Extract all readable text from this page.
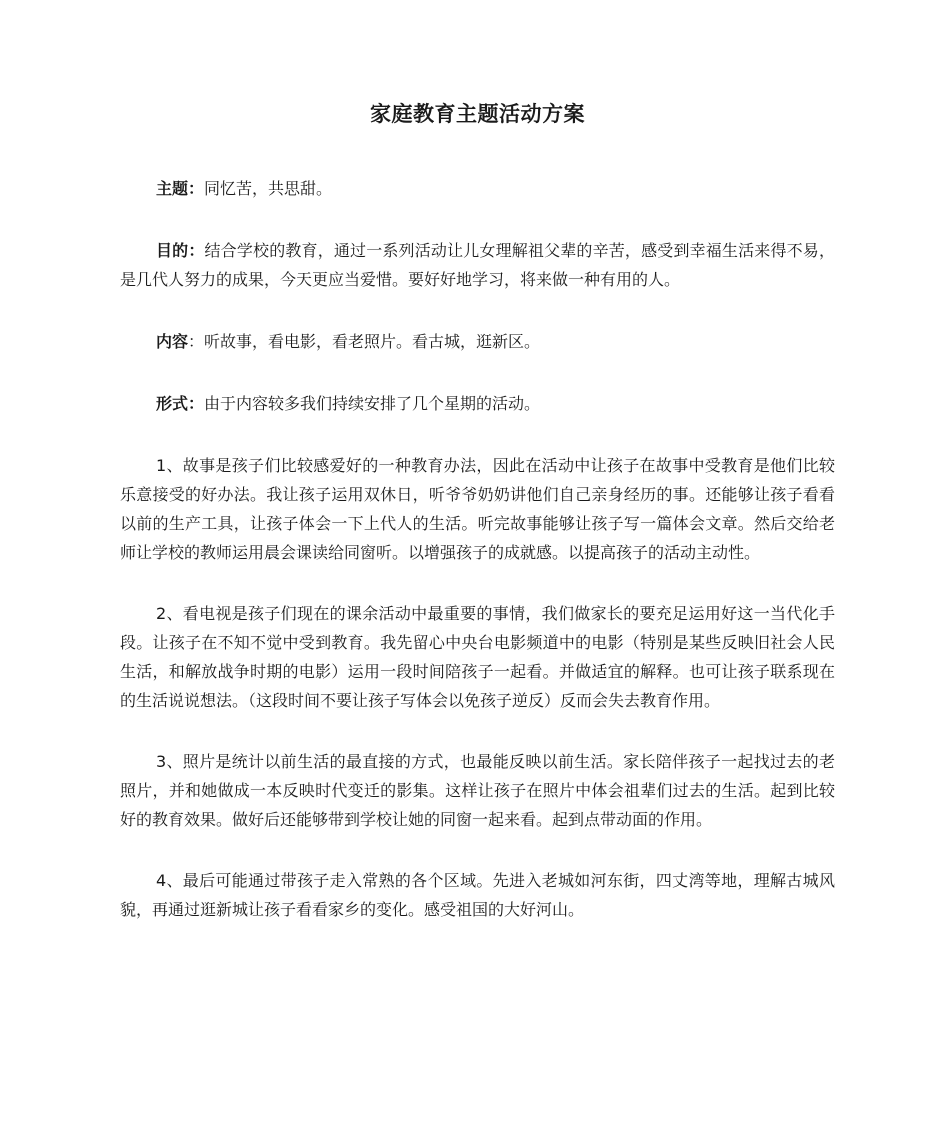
家庭教育主题活动方案

主题：同忆苦，共思甜。

目的：结合学校的教育，通过一系列活动让儿女理解祖父辈的辛苦，感受到幸福生活来得不易，是几代人努力的成果，今天更应当爱惜。要好好地学习，将来做一种有用的人。

内容：听故事，看电影，看老照片。看古城，逛新区。

形式：由于内容较多我们持续安排了几个星期的活动。

1、故事是孩子们比较感爱好的一种教育办法，因此在活动中让孩子在故事中受教育是他们比较乐意接受的好办法。我让孩子运用双休日，听爷爷奶奶讲他们自己亲身经历的事。还能够让孩子看看以前的生产工具，让孩子体会一下上代人的生活。听完故事能够让孩子写一篇体会文章。然后交给老师让学校的教师运用晨会课读给同窗听。以增强孩子的成就感。以提高孩子的活动主动性。

2、看电视是孩子们现在的课余活动中最重要的事情，我们做家长的要充足运用好这一当代化手段。让孩子在不知不觉中受到教育。我先留心中央台电影频道中的电影（特别是某些反映旧社会人民生活，和解放战争时期的电影）运用一段时间陪孩子一起看。并做适宜的解释。也可让孩子联系现在的生活说说想法。（这段时间不要让孩子写体会以免孩子逆反）反而会失去教育作用。

3、照片是统计以前生活的最直接的方式，也最能反映以前生活。家长陪伴孩子一起找过去的老照片，并和她做成一本反映时代变迁的影集。这样让孩子在照片中体会祖辈们过去的生活。起到比较好的教育效果。做好后还能够带到学校让她的同窗一起来看。起到点带动面的作用。

4、最后可能通过带孩子走入常熟的各个区域。先进入老城如河东街，四丈湾等地，理解古城风貌，再通过逛新城让孩子看看家乡的变化。感受祖国的大好河山。
